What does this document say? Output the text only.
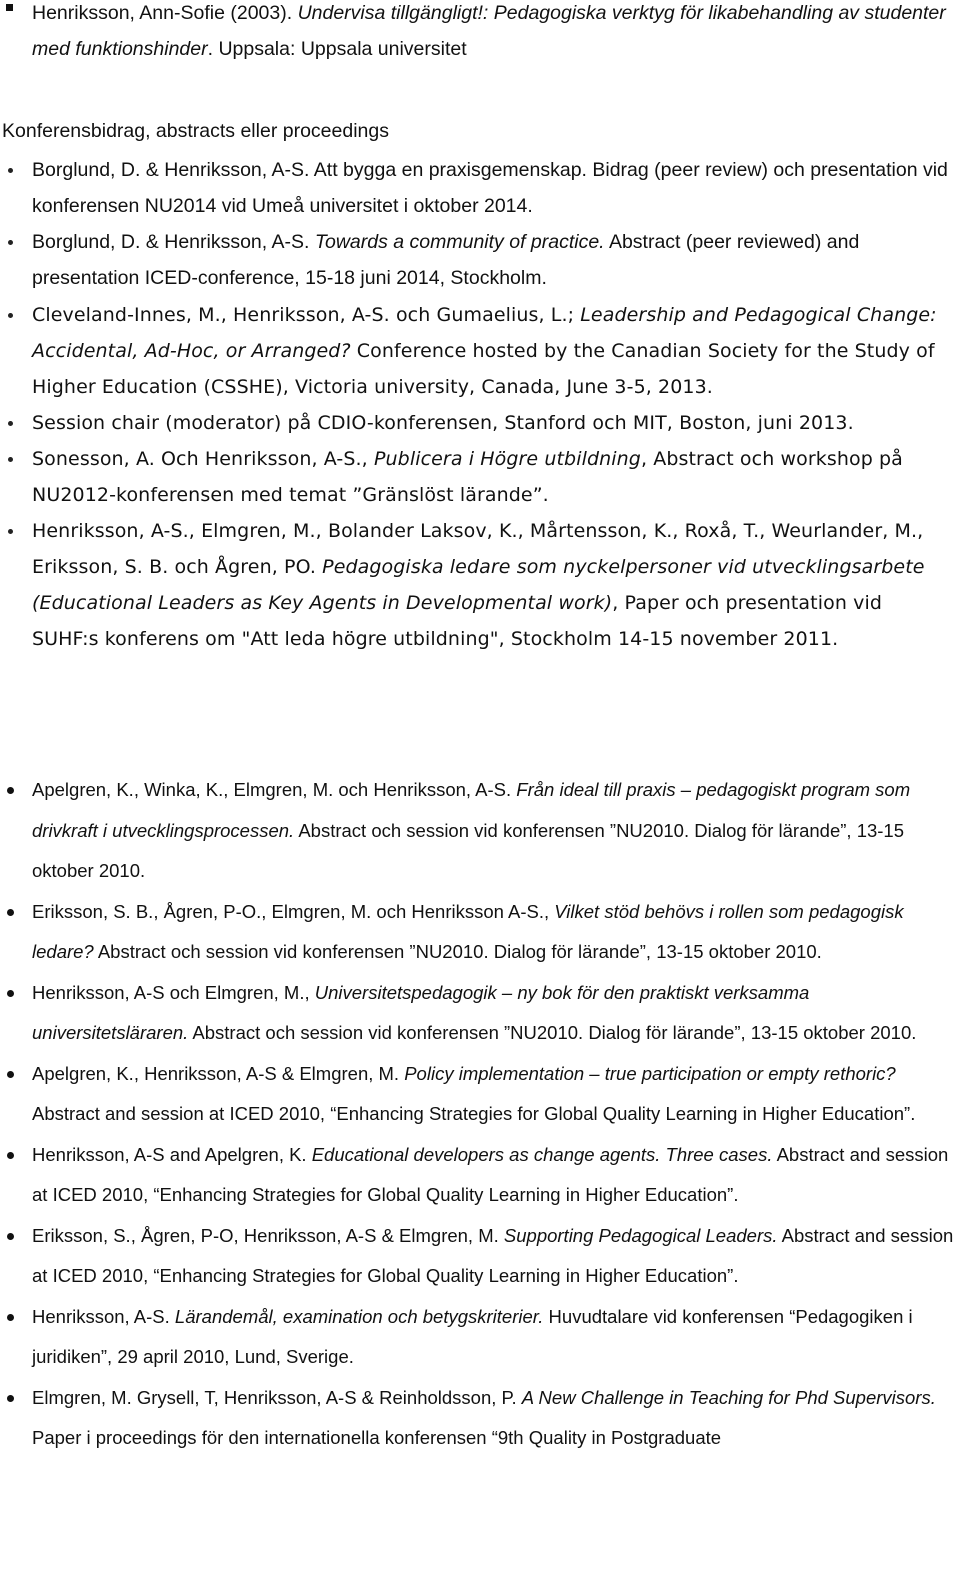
Henriksson, Ann-Sofie (2003). Undervisa tillgängligt!: Pedagogiska verktyg för likabehandling av studenter med funktionshinder. Uppsala: Uppsala universitet
Konferensbidrag, abstracts eller proceedings
Borglund, D. & Henriksson, A-S. Att bygga en praxisgemenskap. Bidrag (peer review) och presentation vid konferensen NU2014 vid Umeå universitet i oktober 2014.
Borglund, D. & Henriksson, A-S. Towards a community of practice. Abstract (peer reviewed) and presentation ICED-conference, 15-18 juni 2014, Stockholm.
Cleveland-Innes, M., Henriksson, A-S. och Gumaelius, L.; Leadership and Pedagogical Change: Accidental, Ad-Hoc, or Arranged? Conference hosted by the Canadian Society for the Study of Higher Education (CSSHE), Victoria university, Canada, June 3-5, 2013.
Session chair (moderator) på CDIO-konferensen, Stanford och MIT, Boston, juni 2013.
Sonesson, A. Och Henriksson, A-S., Publicera i Högre utbildning, Abstract och workshop på NU2012-konferensen med temat ”Gränslöst lärande”.
Henriksson, A-S., Elmgren, M., Bolander Laksov, K., Mårtensson, K., Roxå, T., Weurlander, M., Eriksson, S. B. och Ågren, PO. Pedagogiska ledare som nyckelpersoner vid utvecklingsarbete (Educational Leaders as Key Agents in Developmental work), Paper och presentation vid SUHF:s konferens om "Att leda högre utbildning", Stockholm 14-15 november 2011.
Apelgren, K., Winka, K., Elmgren, M. och Henriksson, A-S. Från ideal till praxis – pedagogiskt program som drivkraft i utvecklingsprocessen. Abstract och session vid konferensen ”NU2010. Dialog för lärande”, 13-15 oktober 2010.
Eriksson, S. B., Ågren, P-O., Elmgren, M. och Henriksson A-S., Vilket stöd behövs i rollen som pedagogisk ledare? Abstract och session vid konferensen ”NU2010. Dialog för lärande”, 13-15 oktober 2010.
Henriksson, A-S och Elmgren, M., Universitetspedagogik – ny bok för den praktiskt verksamma universitetsläraren. Abstract och session vid konferensen ”NU2010. Dialog för lärande”, 13-15 oktober 2010.
Apelgren, K., Henriksson, A-S & Elmgren, M. Policy implementation – true participation or empty rethoric? Abstract and session at ICED 2010, “Enhancing Strategies for Global Quality Learning in Higher Education”.
Henriksson, A-S and Apelgren, K. Educational developers as change agents. Three cases. Abstract and session at ICED 2010, “Enhancing Strategies for Global Quality Learning in Higher Education”.
Eriksson, S., Ågren, P-O, Henriksson, A-S & Elmgren, M. Supporting Pedagogical Leaders. Abstract and session at ICED 2010, “Enhancing Strategies for Global Quality Learning in Higher Education”.
Henriksson, A-S. Lärandemål, examination och betygskriterier. Huvudtalare vid konferensen “Pedagogiken i juridiken”, 29 april 2010, Lund, Sverige.
Elmgren, M. Grysell, T, Henriksson, A-S & Reinholdsson, P. A New Challenge in Teaching for Phd Supervisors. Paper i proceedings för den internationella konferensen “9th Quality in Postgraduate
